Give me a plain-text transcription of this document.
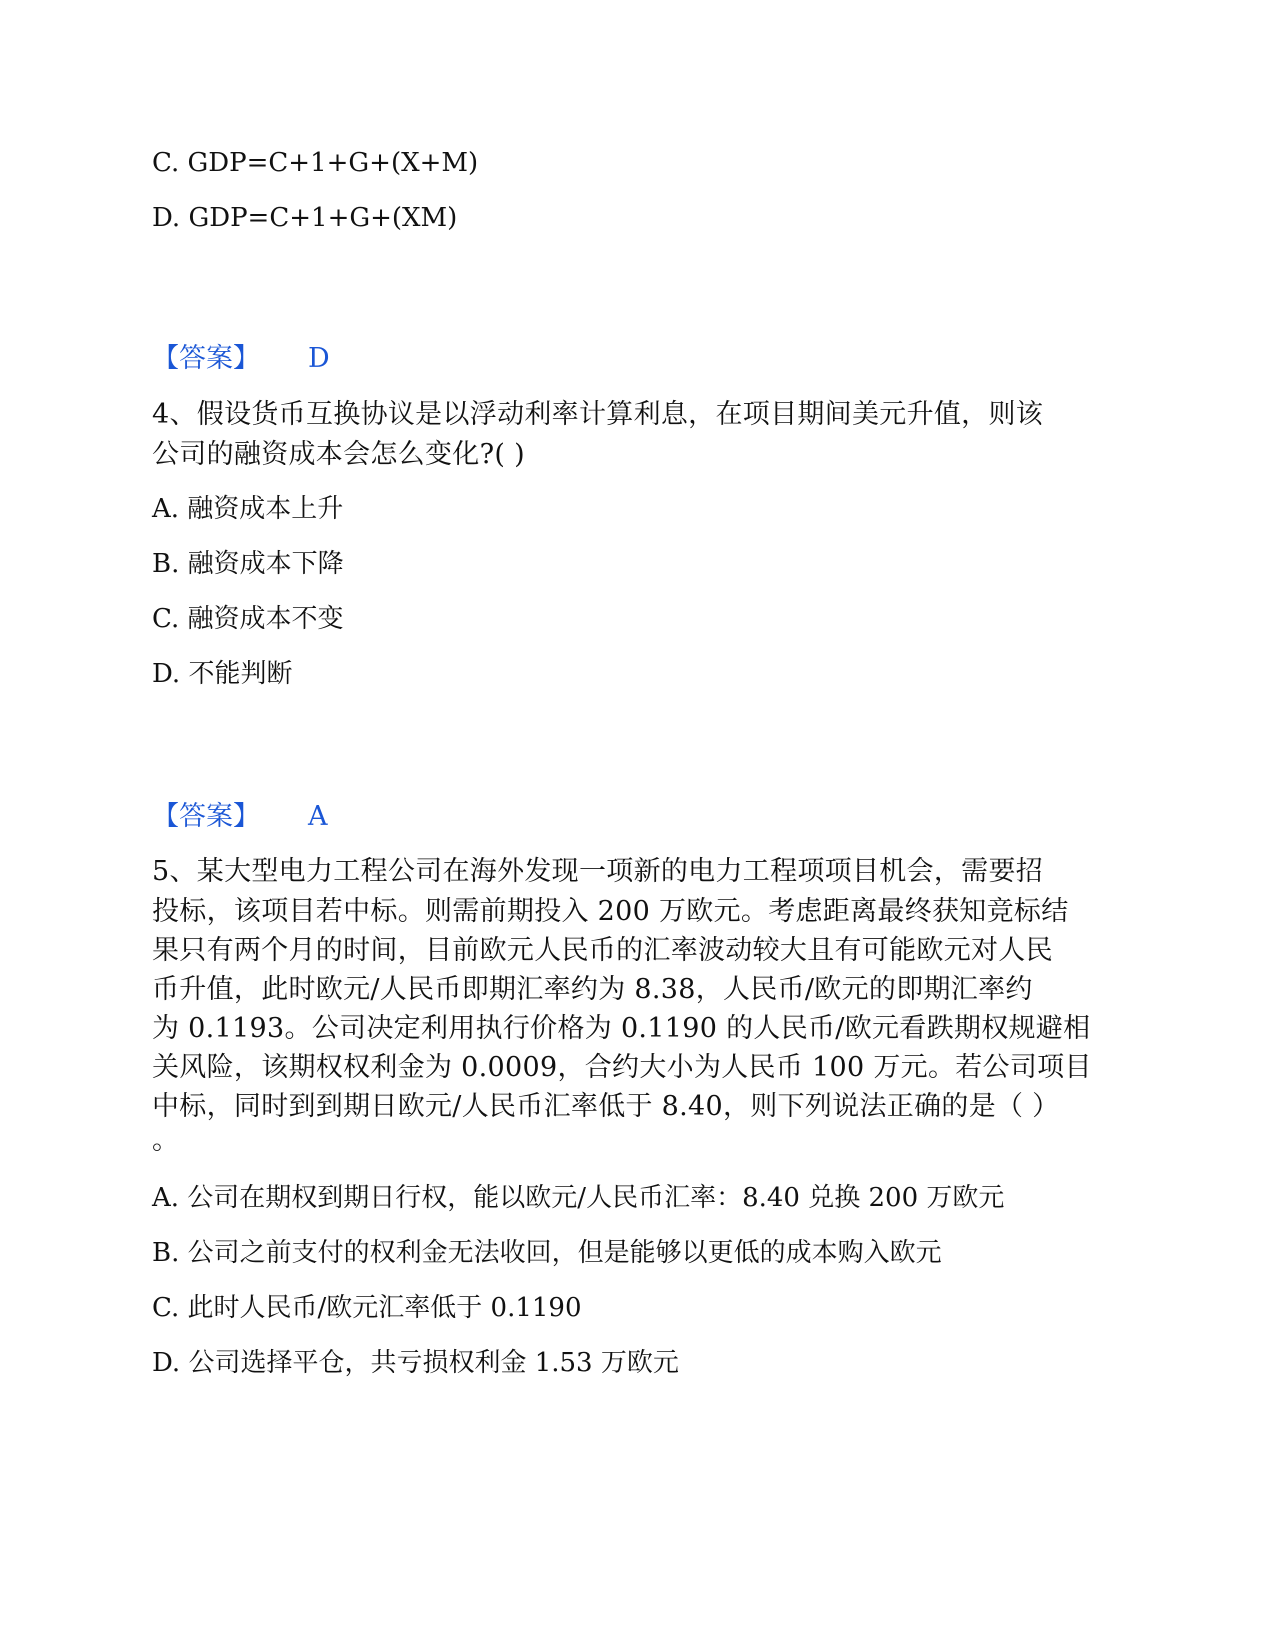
C. GDP=C+1+G+(X+M)
D. GDP=C+1+G+(XM)
【答案】 D
4、假设货币互换协议是以浮动利率计算利息，在项目期间美元升值，则该
公司的融资成本会怎么变化?( )
A. 融资成本上升
B. 融资成本下降
C. 融资成本不变
D. 不能判断
【答案】 A
5、某大型电力工程公司在海外发现一项新的电力工程项项目机会，需要招
投标，该项目若中标。则需前期投入 200 万欧元。考虑距离最终获知竞标结
果只有两个月的时间，目前欧元人民币的汇率波动较大且有可能欧元对人民
币升值，此时欧元/人民币即期汇率约为 8.38，人民币/欧元的即期汇率约
为 0.1193。公司决定利用执行价格为 0.1190 的人民币/欧元看跌期权规避相
关风险，该期权权利金为 0.0009，合约大小为人民币 100 万元。若公司项目
中标，同时到到期日欧元/人民币汇率低于 8.40，则下列说法正确的是（ ）
。
A. 公司在期权到期日行权，能以欧元/人民币汇率：8.40 兑换 200 万欧元
B. 公司之前支付的权利金无法收回，但是能够以更低的成本购入欧元
C. 此时人民币/欧元汇率低于 0.1190
D. 公司选择平仓，共亏损权利金 1.53 万欧元
